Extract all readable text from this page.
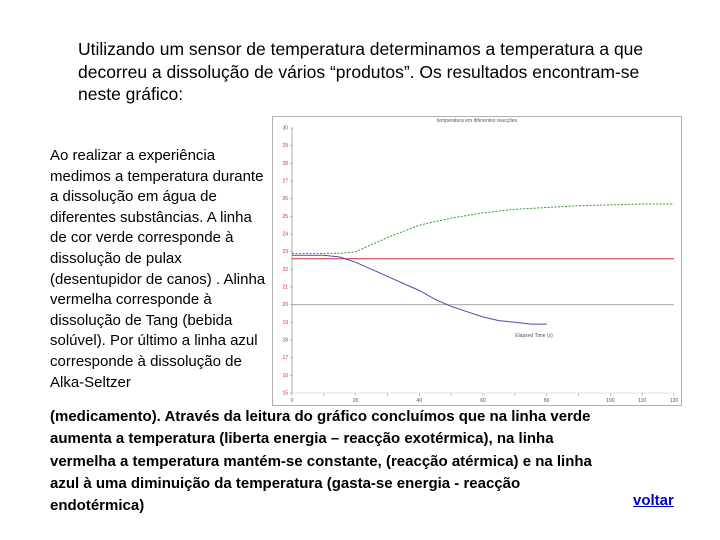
Utilizando um sensor de temperatura determinamos a temperatura a que decorreu a dissolução de vários “produtos”. Os resultados encontram-se neste gráfico:
temperatura em diferentes reacções
Elapsed Time (s)
15
16
17
18
19
20
21
22
23
24
25
26
27
28
29
30
0	20	40	60	80	100	110	120
Ao realizar a experiência medimos a temperatura durante a dissolução em água de diferentes substâncias. A linha de cor verde corresponde à dissolução de pulax (desentupidor de canos) . Alinha vermelha corresponde à dissolução de Tang (bebida solúvel). Por último a linha azul corresponde à dissolução de Alka-Seltzer
(medicamento). Através da leitura do gráfico concluímos que na linha verde aumenta a temperatura (liberta energia – reacção exotérmica), na linha vermelha a temperatura mantém-se constante, (reacção atérmica) e na linha azul à uma diminuição da temperatura (gasta-se energia - reacção endotérmica)	voltar
